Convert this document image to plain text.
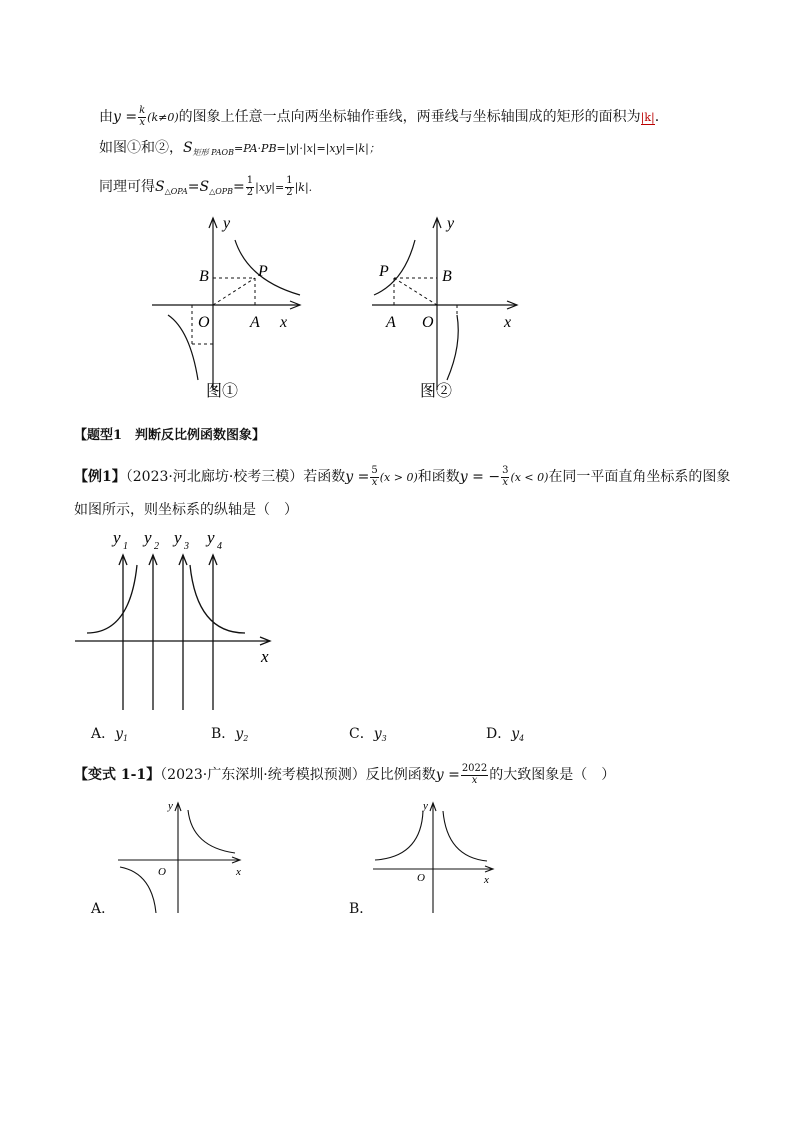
由$y = \frac{k}{x} (k\ne 0)$的图象上任意一点向两坐标轴作垂线，两垂线与坐标轴围成的矩形的面积为|k|.
如图①和②，$S_{矩形 PAOB}=PA\cdot PB=|y|\cdot|x|=|xy|=|k|$；
同理可得$S_{\triangle OPA}=S_{\triangle OPB}= \frac{1}{2} |xy|= \frac{1}{2} |k|$.
y
B	P
O	A x
图①
y
B
P
O
A	x
图②
【题型1　判断反比例函数图象】
【例1】（2023·河北廊坊·校考三模）若函数$y = \frac{5}{x} (x > 0)$和函数y = − $\frac{3}{x} (x < 0)$在同一平面直角坐标系的图象
如图所示，则坐标系的纵轴是（　）
y 1 y 2 y 3 y 4
x
A．$y_1$	B．$y_2$	C．$y_3$	D．$y_4$
【变式 1-1】（2023·广东深圳·统考模拟预测）反比例函数$y = \frac{2022}{x}$ 的大致图象是（　）
y
O	x
A．
y
O	x
B．
